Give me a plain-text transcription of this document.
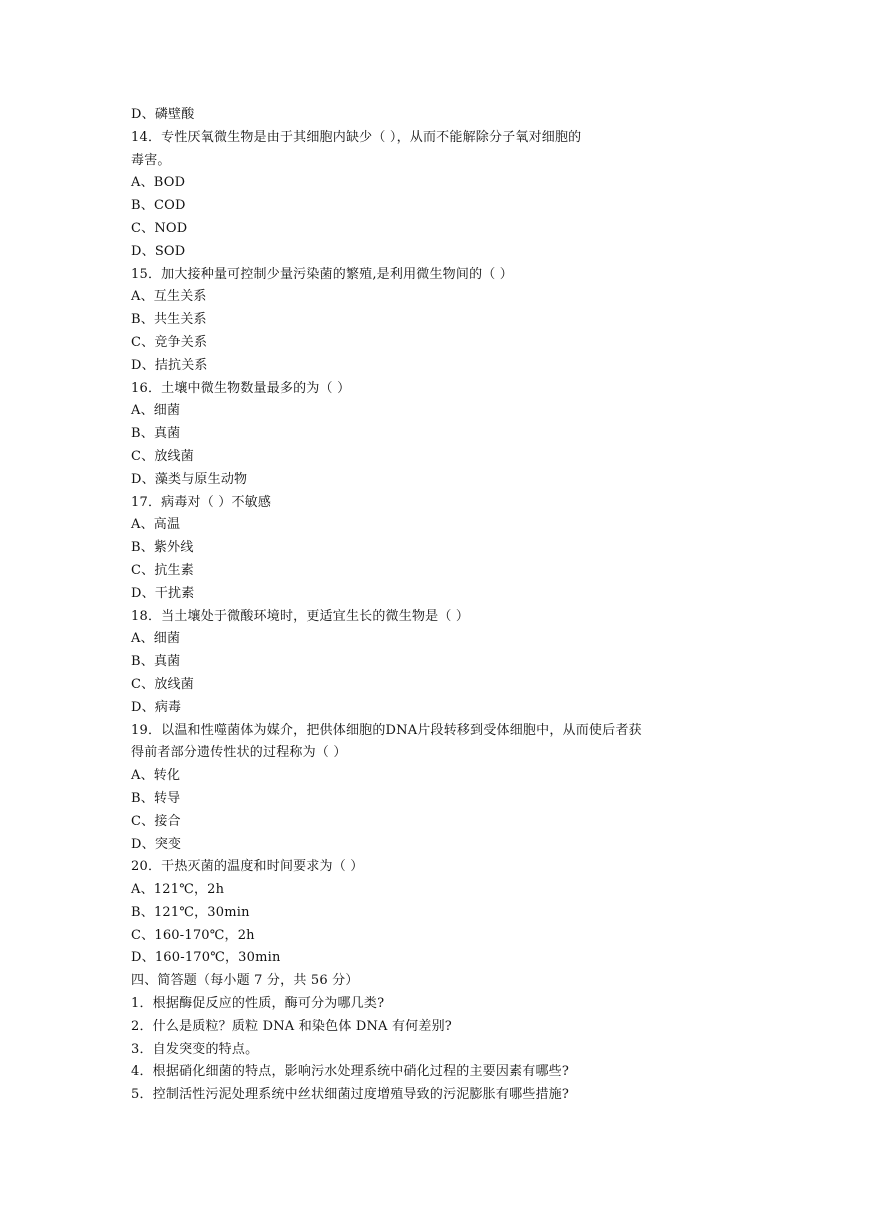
D、磷壁酸
14．专性厌氧微生物是由于其细胞内缺少（ ），从而不能解除分子氧对细胞的
毒害。
A、BOD
B、COD
C、NOD
D、SOD
15．加大接种量可控制少量污染菌的繁殖,是利用微生物间的（ ）
A、互生关系
B、共生关系
C、竞争关系
D、拮抗关系
16．土壤中微生物数量最多的为（ ）
A、细菌
B、真菌
C、放线菌
D、藻类与原生动物
17．病毒对（ ）不敏感
A、高温
B、紫外线
C、抗生素
D、干扰素
18．当土壤处于微酸环境时，更适宜生长的微生物是（ ）
A、细菌
B、真菌
C、放线菌
D、病毒
19．以温和性噬菌体为媒介，把供体细胞的DNA片段转移到受体细胞中，从而使后者获
得前者部分遗传性状的过程称为（ ）
A、转化
B、转导
C、接合
D、突变
20．干热灭菌的温度和时间要求为（ ）
A、121℃，2h
B、121℃，30min
C、160-170℃，2h
D、160-170℃，30min
四、简答题（每小题 7 分，共 56 分）
1．根据酶促反应的性质，酶可分为哪几类?
2．什么是质粒？质粒 DNA 和染色体 DNA 有何差别?
3．自发突变的特点。
4．根据硝化细菌的特点，影响污水处理系统中硝化过程的主要因素有哪些?
5．控制活性污泥处理系统中丝状细菌过度增殖导致的污泥膨胀有哪些措施?
